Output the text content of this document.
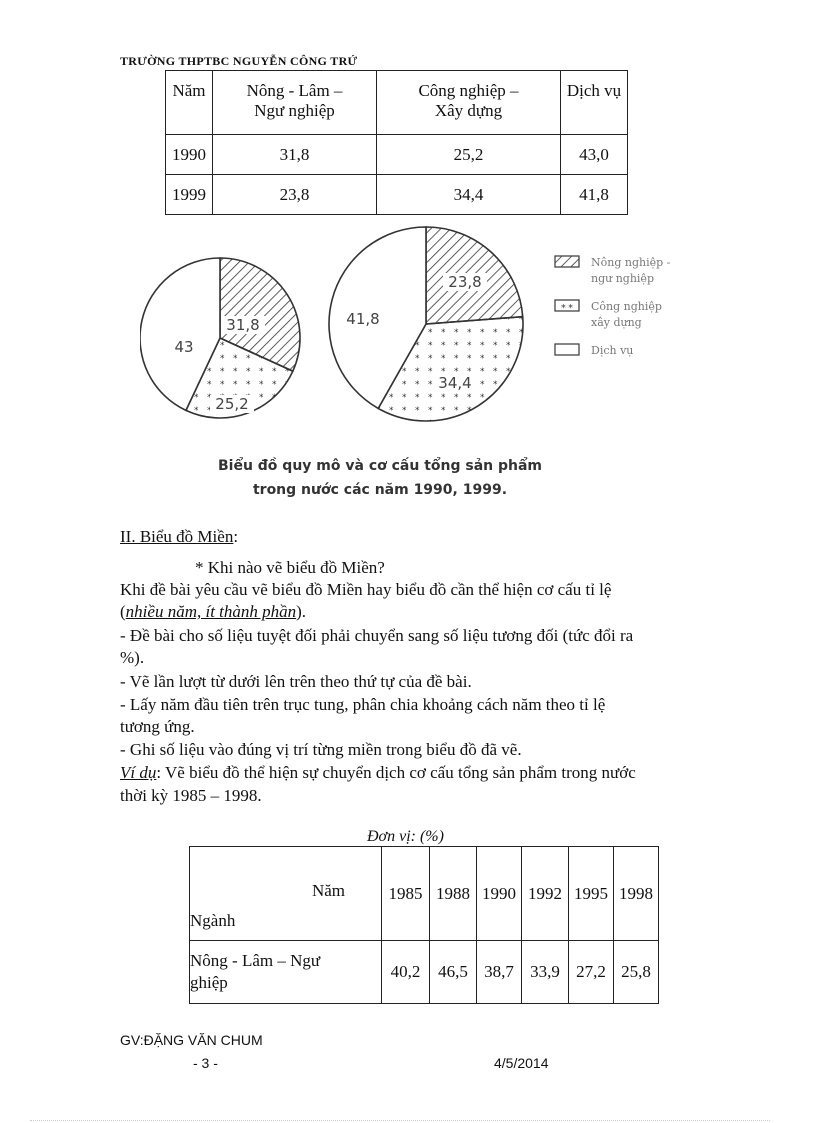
TRƯỜNG THPTBC NGUYỄN CÔNG TRỨ
Năm	Nông - Lâm – Ngư nghiệp	Công nghiệp – Xây dựng	Dịch vụ
1990	31,8	25,2	43,0
1999	23,8	34,4	41,8
31,8
25,2
43
23,8
34,4
41,8
Nông nghiệp -
ngư nghiệp
* * Công nghiệp
xây dựng
Dịch vụ
Biểu đồ quy mô và cơ cấu tổng sản phẩm
trong nước các năm 1990, 1999.
II. Biểu đồ Miền:
* Khi nào vẽ biểu đồ Miền?
Khi đề bài yêu cầu vẽ biểu đồ Miền hay biểu đồ cần thể hiện cơ cấu tỉ lệ
(nhiều năm, ít thành phần).
- Đề bài cho số liệu tuyệt đối phải chuyển sang số liệu tương đối (tức đổi ra
%).
- Vẽ lần lượt từ dưới lên trên theo thứ tự của đề bài.
- Lấy năm đầu tiên trên trục tung, phân chia khoảng cách năm theo tỉ lệ
tương ứng.
- Ghi số liệu vào đúng vị trí từng miền trong biểu đồ đã vẽ.
Ví dụ: Vẽ biểu đồ thể hiện sự chuyển dịch cơ cấu tổng sản phẩm trong nước
thời kỳ 1985 – 1998.
Đơn vị: (%)
Năm
Ngành	1985	1988	1990	1992	1995	1998

Nông - Lâm – Ngư
ghiệp	40,2	46,5	38,7	33,9	27,2	25,8
GV:ĐẶNG VĂN CHUM
- 3 -	4/5/2014
